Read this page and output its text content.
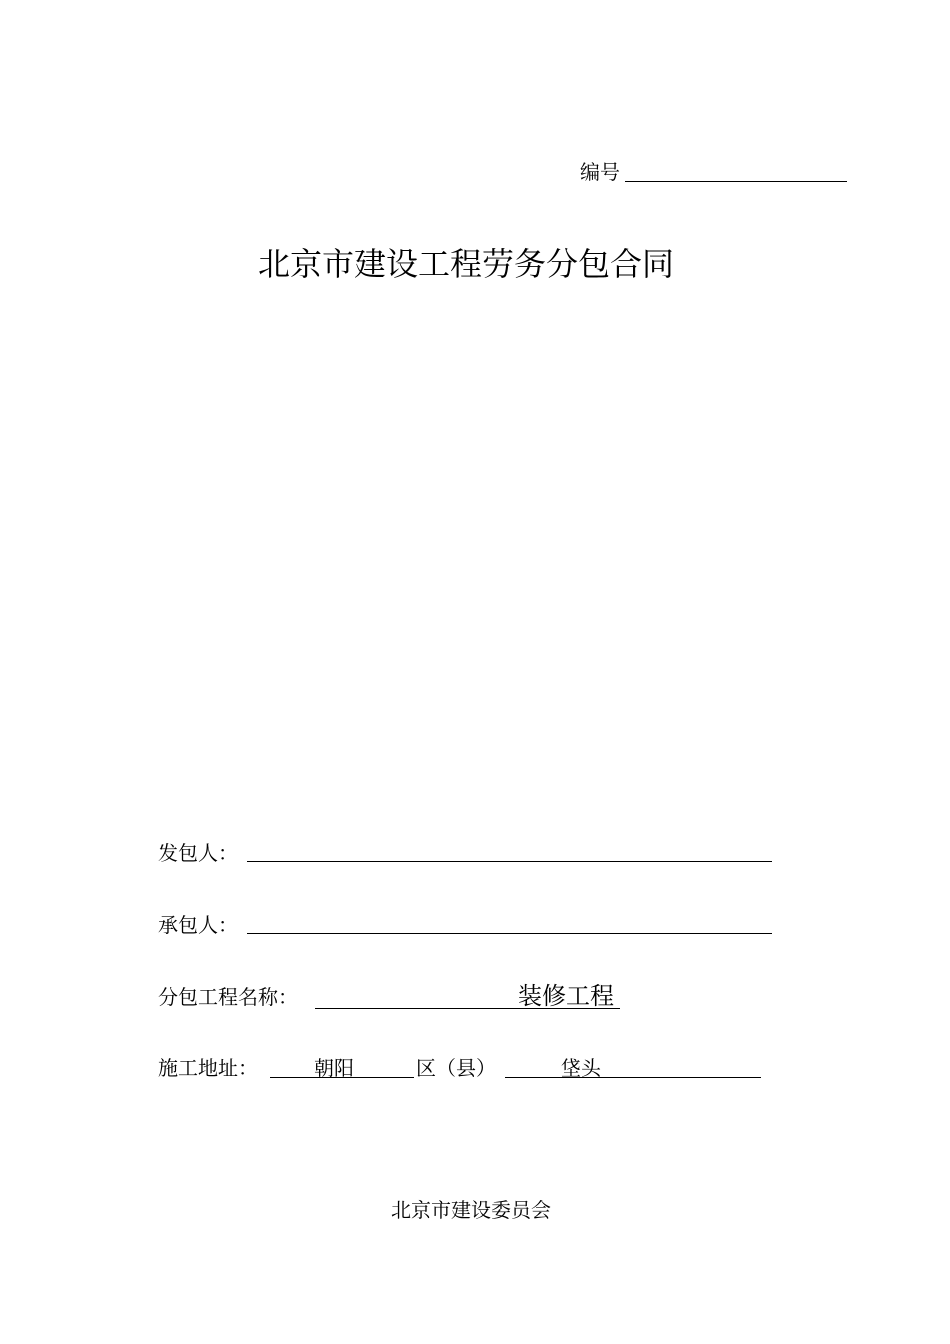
编号
北京市建设工程劳务分包合同
发包人：
承包人：
分包工程名称：	装修工程
施工地址：	朝阳	区（县）	垡头
北京市建设委员会
